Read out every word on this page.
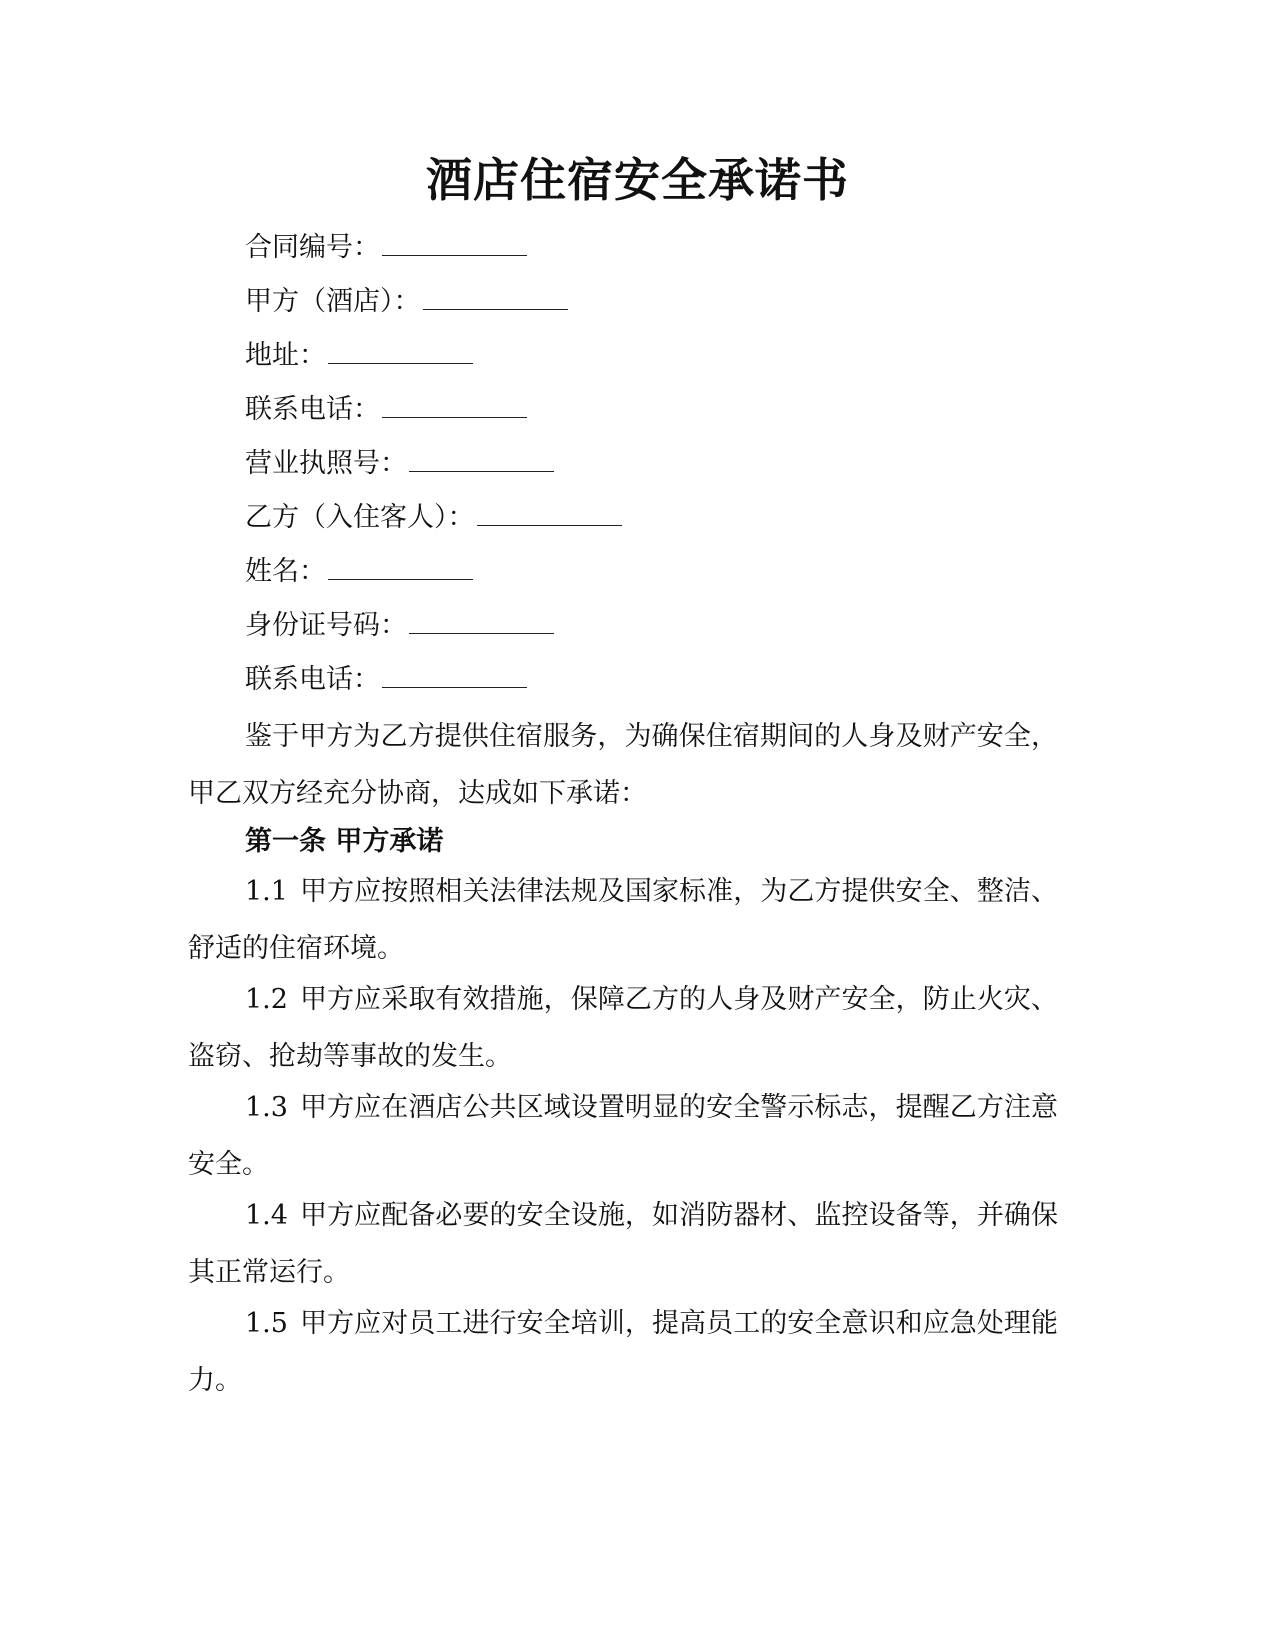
酒店住宿安全承诺书
合同编号：
甲方（酒店）：
地址：
联系电话：
营业执照号：
乙方（入住客人）：
姓名：
身份证号码：
联系电话：

鉴于甲方为乙方提供住宿服务，为确保住宿期间的人身及财产安全，甲乙双方经充分协商，达成如下承诺：

第一条 甲方承诺

1.1 甲方应按照相关法律法规及国家标准，为乙方提供安全、整洁、舒适的住宿环境。

1.2 甲方应采取有效措施，保障乙方的人身及财产安全，防止火灾、盗窃、抢劫等事故的发生。

1.3 甲方应在酒店公共区域设置明显的安全警示标志，提醒乙方注意安全。

1.4 甲方应配备必要的安全设施，如消防器材、监控设备等，并确保其正常运行。

1.5 甲方应对员工进行安全培训，提高员工的安全意识和应急处理能力。
